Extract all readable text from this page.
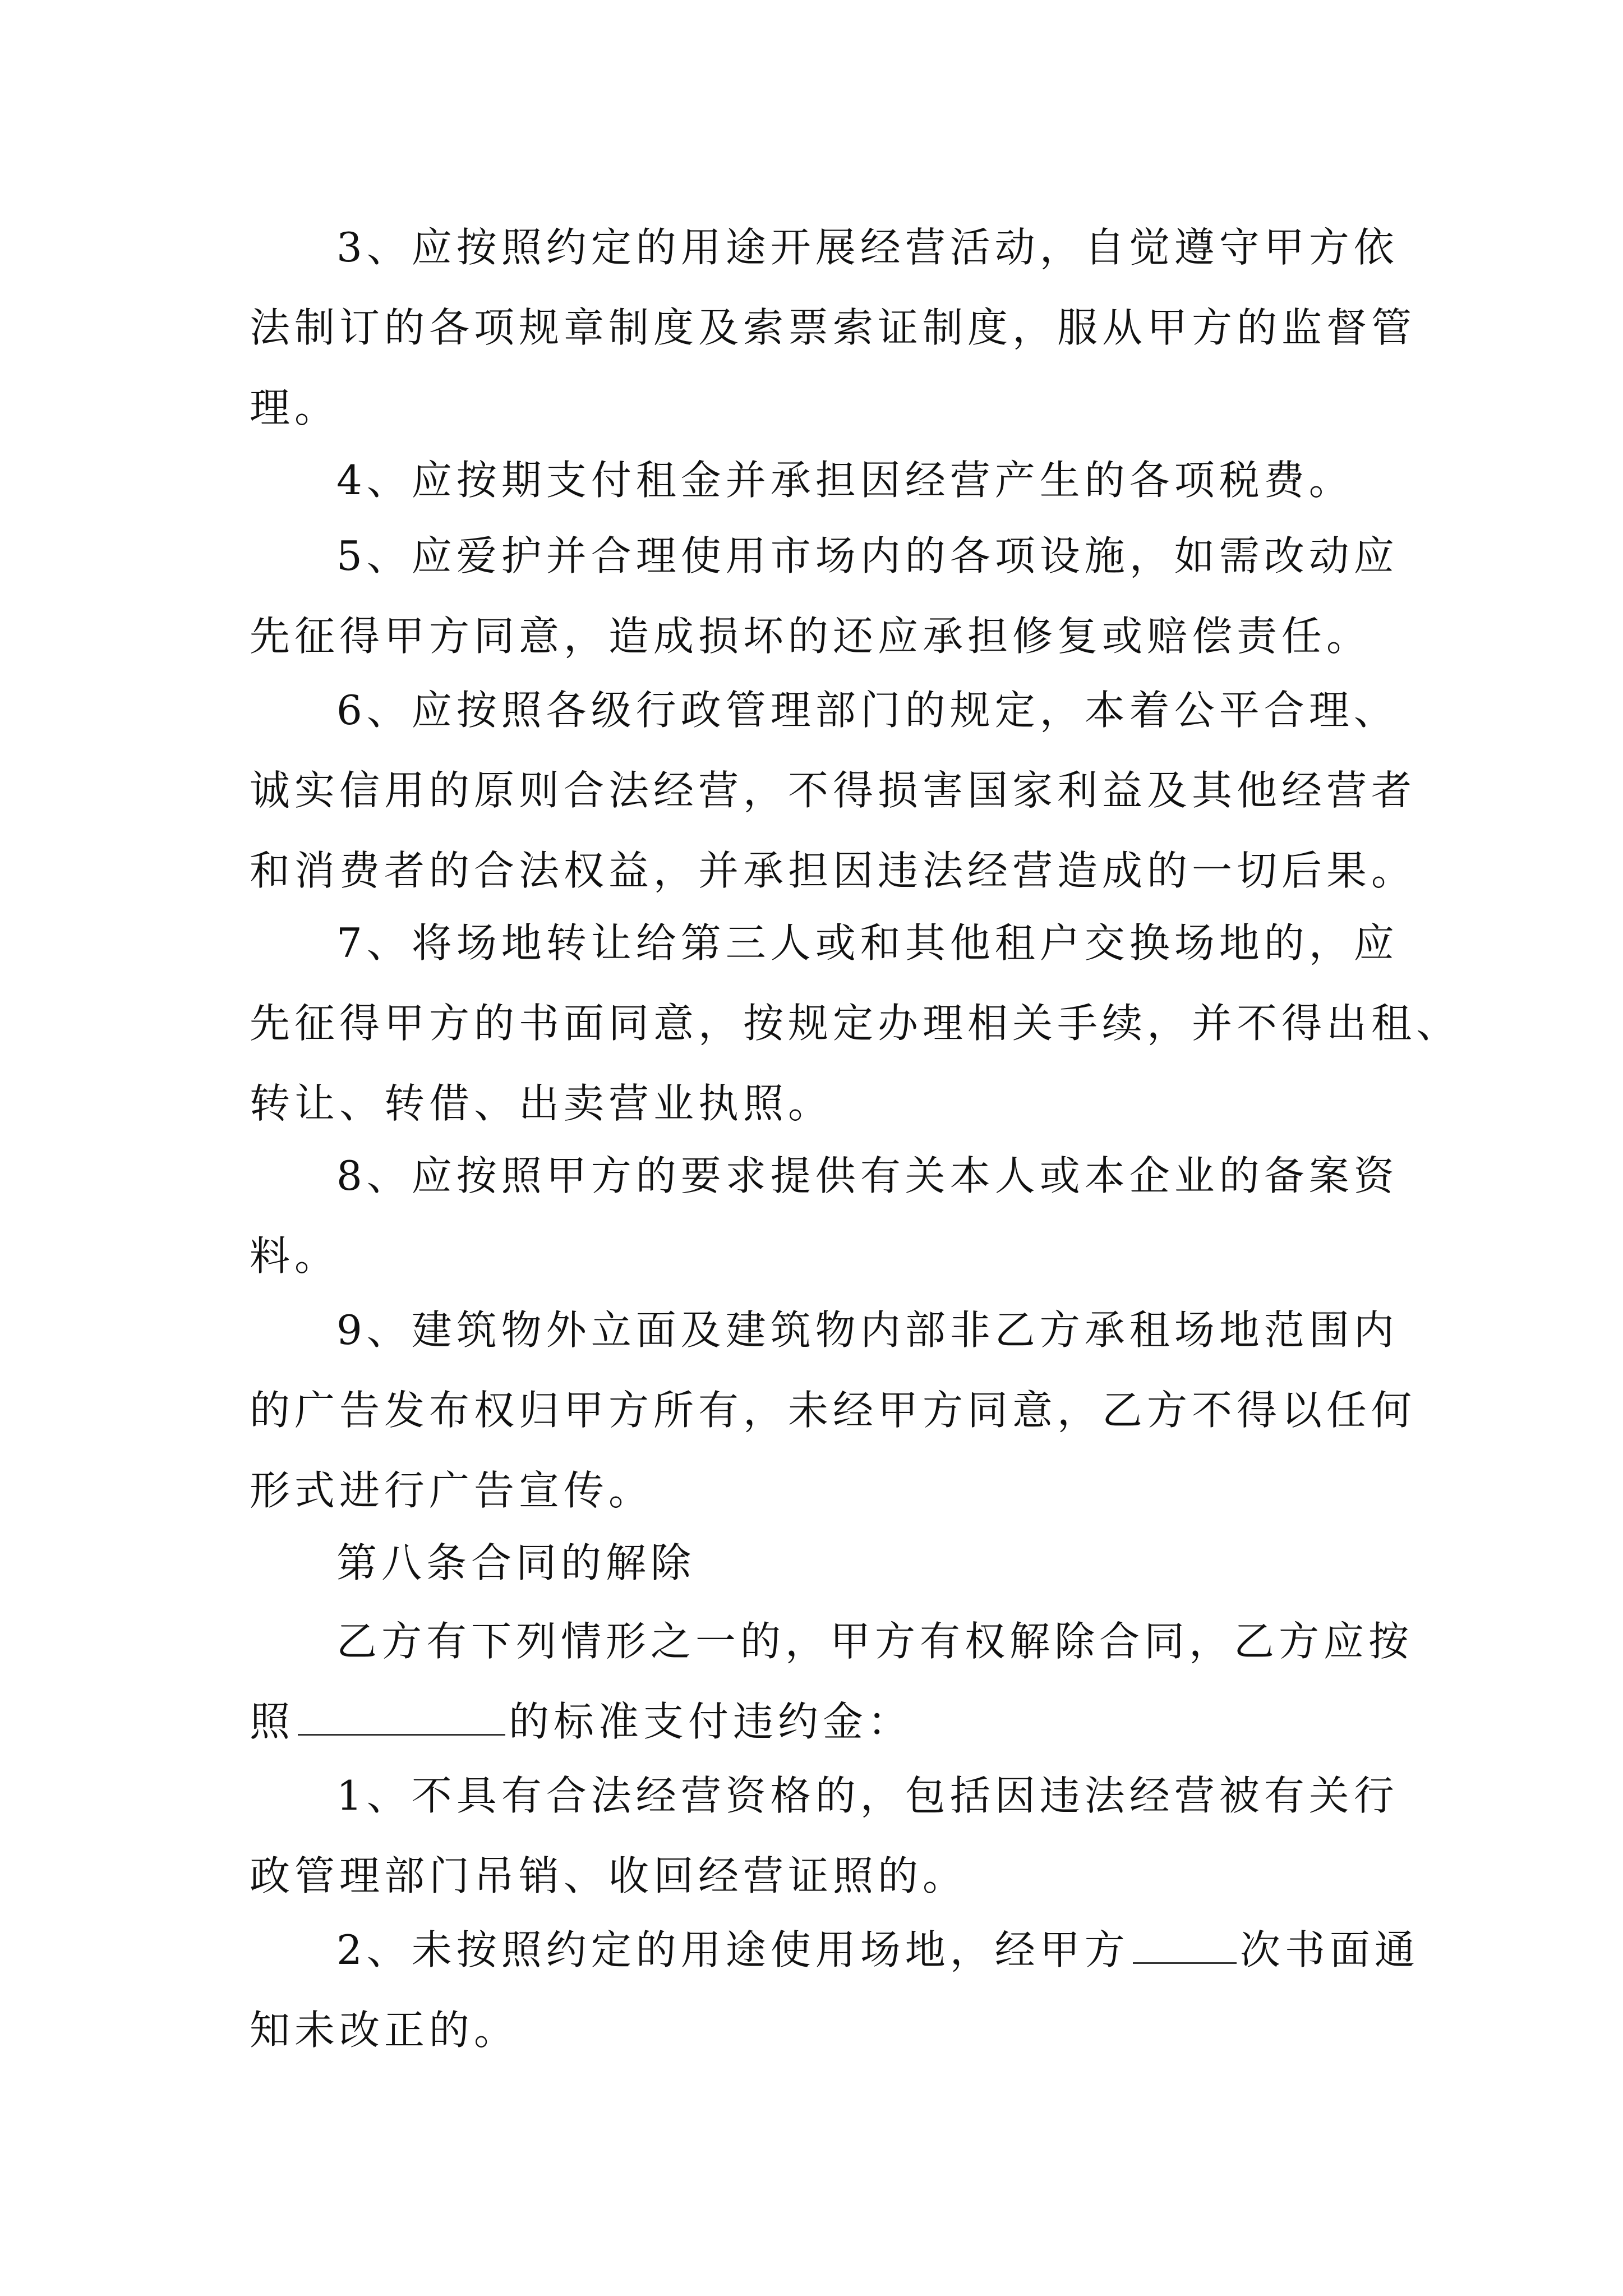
3、应按照约定的用途开展经营活动，自觉遵守甲方依
法制订的各项规章制度及索票索证制度，服从甲方的监督管
理。
4、应按期支付租金并承担因经营产生的各项税费。
5、应爱护并合理使用市场内的各项设施，如需改动应
先征得甲方同意，造成损坏的还应承担修复或赔偿责任。
6、应按照各级行政管理部门的规定，本着公平合理、
诚实信用的原则合法经营，不得损害国家利益及其他经营者
和消费者的合法权益，并承担因违法经营造成的一切后果。
7、将场地转让给第三人或和其他租户交换场地的，应
先征得甲方的书面同意，按规定办理相关手续，并不得出租、
转让、转借、出卖营业执照。
8、应按照甲方的要求提供有关本人或本企业的备案资
料。
9、建筑物外立面及建筑物内部非乙方承租场地范围内
的广告发布权归甲方所有，未经甲方同意，乙方不得以任何
形式进行广告宣传。
第八条合同的解除
乙方有下列情形之一的，甲方有权解除合同，乙方应按
照	的标准支付违约金：
1、不具有合法经营资格的，包括因违法经营被有关行
政管理部门吊销、收回经营证照的。
2、未按照约定的用途使用场地，经甲方	次书面通
知未改正的。
